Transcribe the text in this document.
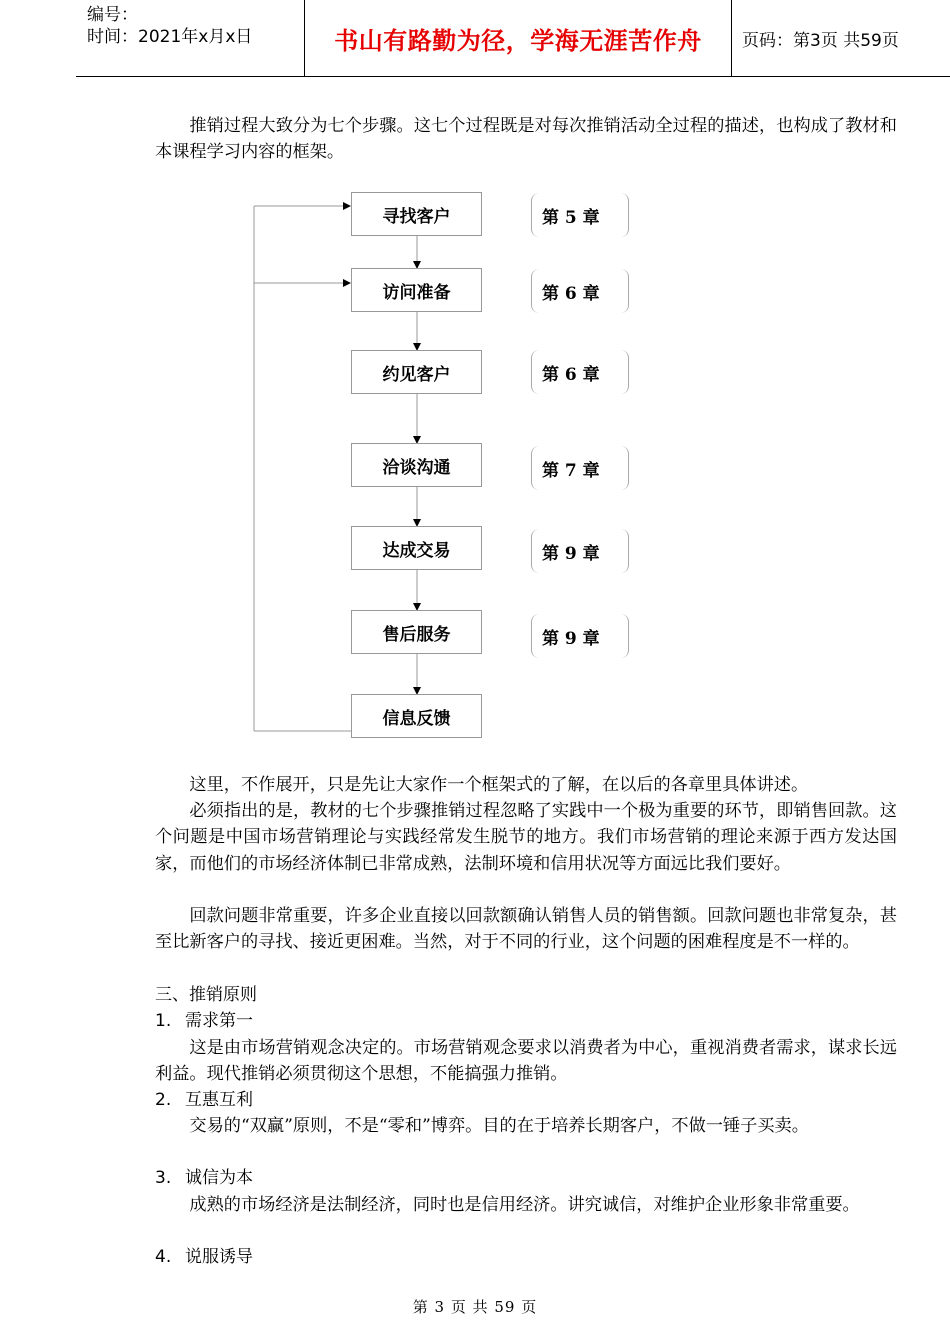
编号：
时间：2021年x月x日	书山有路勤为径，学海无涯苦作舟	页码：第3页 共59页

推销过程大致分为七个步骤。这七个过程既是对每次推销活动全过程的描述，也构成了教材和本课程学习内容的框架。

寻找客户
访问准备
约见客户
洽谈沟通
达成交易
售后服务
信息反馈
第 5 章
第 6 章
第 6 章
第 7 章
第 9 章
第 9 章

这里，不作展开，只是先让大家作一个框架式的了解，在以后的各章里具体讲述。

必须指出的是，教材的七个步骤推销过程忽略了实践中一个极为重要的环节，即销售回款。这个问题是中国市场营销理论与实践经常发生脱节的地方。我们市场营销的理论来源于西方发达国家，而他们的市场经济体制已非常成熟，法制环境和信用状况等方面远比我们要好。

回款问题非常重要，许多企业直接以回款额确认销售人员的销售额。回款问题也非常复杂，甚至比新客户的寻找、接近更困难。当然，对于不同的行业，这个问题的困难程度是不一样的。

三、推销原则
1. 需求第一

这是由市场营销观念决定的。市场营销观念要求以消费者为中心，重视消费者需求，谋求长远利益。现代推销必须贯彻这个思想，不能搞强力推销。

2. 互惠互利

交易的“双赢”原则，不是“零和”博弈。目的在于培养长期客户，不做一锤子买卖。

3. 诚信为本

成熟的市场经济是法制经济，同时也是信用经济。讲究诚信，对维护企业形象非常重要。

4. 说服诱导
第 3 页 共 59 页
